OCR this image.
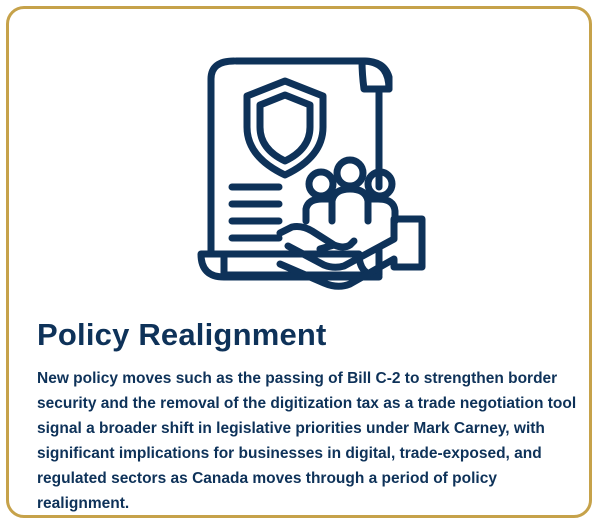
Policy Realignment

New policy moves such as the passing of Bill C-2 to strengthen border security and the removal of the digitization tax as a trade negotiation tool signal a broader shift in legislative priorities under Mark Carney, with significant implications for businesses in digital, trade-exposed, and regulated sectors as Canada moves through a period of policy realignment.
